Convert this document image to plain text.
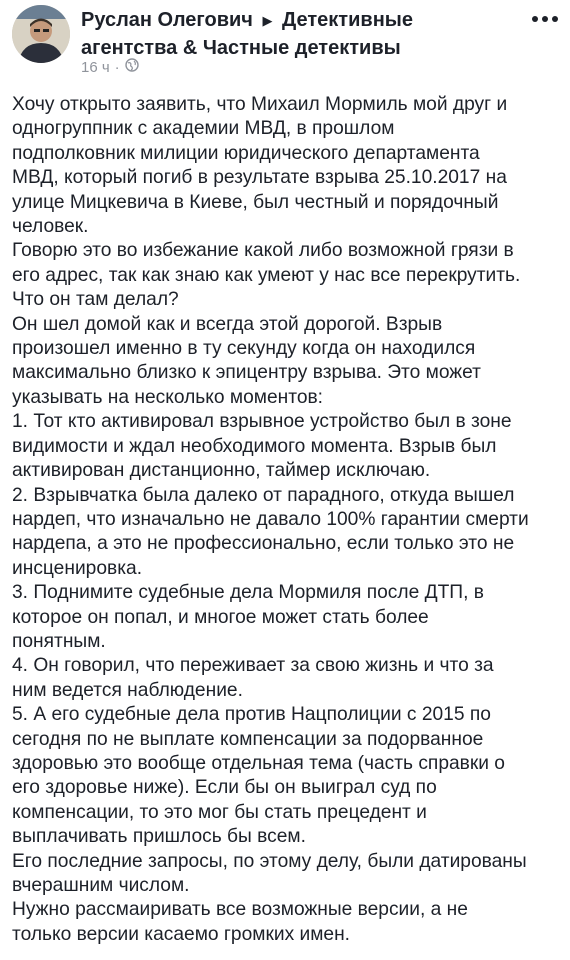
Руслан Олегович ▶ Детективные агентства & Частные детективы
16 ч ·
Хочу открыто заявить, что Михаил Мормиль мой друг и
одногруппник с академии МВД, в прошлом
подполковник милиции юридического департамента
МВД, который погиб в результате взрыва 25.10.2017 на
улице Мицкевича в Киеве, был честный и порядочный
человек.
Говорю это во избежание какой либо возможной грязи в
его адрес, так как знаю как умеют у нас все перекрутить.
Что он там делал?
Он шел домой как и всегда этой дорогой. Взрыв
произошел именно в ту секунду когда он находился
максимально близко к эпицентру взрыва. Это может
указывать на несколько моментов:
1. Тот кто активировал взрывное устройство был в зоне
видимости и ждал необходимого момента. Взрыв был
активирован дистанционно, таймер исключаю.
2. Взрывчатка была далеко от парадного, откуда вышел
нардеп, что изначально не давало 100% гарантии смерти
нардепа, а это не профессионально, если только это не
инсценировка.
3. Поднимите судебные дела Мормиля после ДТП, в
которое он попал, и многое может стать более
понятным.
4. Он говорил, что переживает за свою жизнь и что за
ним ведется наблюдение.
5. А его судебные дела против Нацполиции с 2015 по
сегодня по не выплате компенсации за подорванное
здоровью это вообще отдельная тема (часть справки о
его здоровье ниже). Если бы он выиграл суд по
компенсации, то это мог бы стать прецедент и
выплачивать пришлось бы всем.
Его последние запросы, по этому делу, были датированы
вчерашним числом.
Нужно рассмаиривать все возможные версии, а не
только версии касаемо громких имен.
